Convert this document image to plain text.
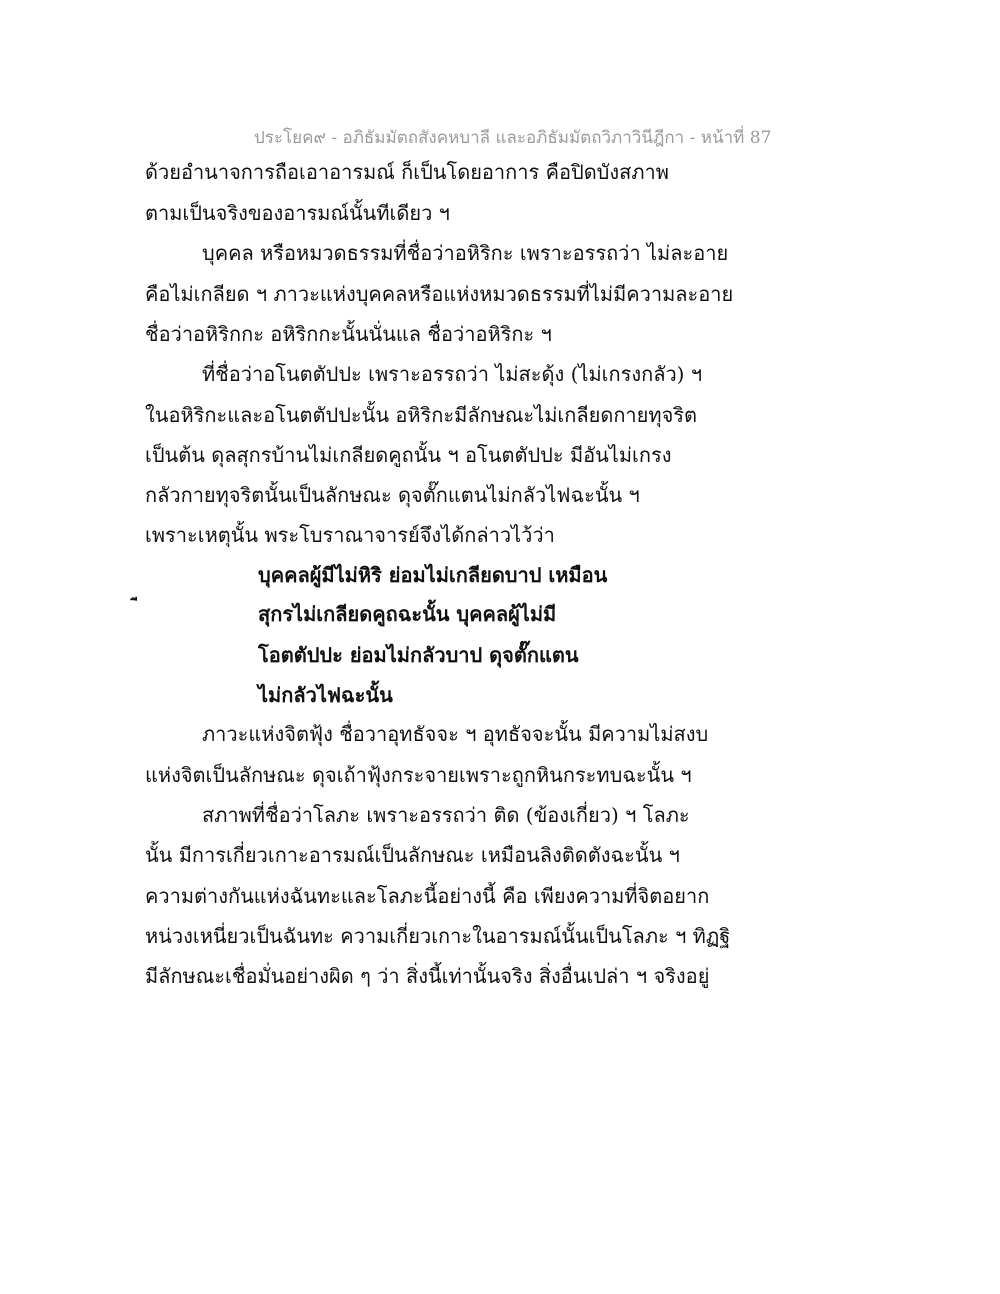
ประโยค๙ - อภิธัมมัตถสังคหบาลี และอภิธัมมัตถวิภาวินีฎีกา - หน้าที่ 87
ด้วยอำนาจการถือเอาอารมณ์ ก็เป็นโดยอาการ คือปิดบังสภาพ
ตามเป็นจริงของอารมณ์นั้นทีเดียว ฯ
บุคคล หรือหมวดธรรมที่ชื่อว่าอหิริกะ เพราะอรรถว่า ไม่ละอาย
คือไม่เกลียด ฯ ภาวะแห่งบุคคลหรือแห่งหมวดธรรมที่ไม่มีความละอาย
ชื่อว่าอหิริกกะ อหิริกกะนั้นนั่นแล ชื่อว่าอหิริกะ ฯ
ที่ชื่อว่าอโนตตัปปะ เพราะอรรถว่า ไม่สะดุ้ง (ไม่เกรงกลัว) ฯ
ในอหิริกะและอโนตตัปปะนั้น อหิริกะมีลักษณะไม่เกลียดกายทุจริต
เป็นต้น ดุลสุกรบ้านไม่เกลียดคูถนั้น ฯ อโนตตัปปะ มีอันไม่เกรง
กลัวกายทุจริตนั้นเป็นลักษณะ ดุจตั๊กแตนไม่กลัวไฟฉะนั้น ฯ
เพราะเหตุนั้น พระโบราณาจารย์จึงได้กล่าวไว้ว่า
บุคคลผู้มีไม่หิริ ย่อมไม่เกลียดบาป เหมือน
สุกรไม่เกลียดคูถฉะนั้น บุคคลผู้ไม่มี
โอตตัปปะ ย่อมไม่กลัวบาป ดุจตั๊กแตน
ไม่กลัวไฟฉะนั้น
ภาวะแห่งจิตฟุ้ง ชื่อวาอุทธัจจะ ฯ อุทธัจจะนั้น มีความไม่สงบ
แห่งจิตเป็นลักษณะ ดุจเถ้าฟุ้งกระจายเพราะถูกหินกระทบฉะนั้น ฯ
สภาพที่ชื่อว่าโลภะ เพราะอรรถว่า ติด (ข้องเกี่ยว) ฯ โลภะ
นั้น มีการเกี่ยวเกาะอารมณ์เป็นลักษณะ เหมือนลิงติดตังฉะนั้น ฯ
ความต่างกันแห่งฉันทะและโลภะนี้อย่างนี้ คือ เพียงความที่จิตอยาก
หน่วงเหนี่ยวเป็นฉันทะ ความเกี่ยวเกาะในอารมณ์นั้นเป็นโลภะ ฯ ทิฏฐิ
มีลักษณะเชื่อมั่นอย่างผิด ๆ ว่า สิ่งนี้เท่านั้นจริง สิ่งอื่นเปล่า ฯ จริงอยู่
